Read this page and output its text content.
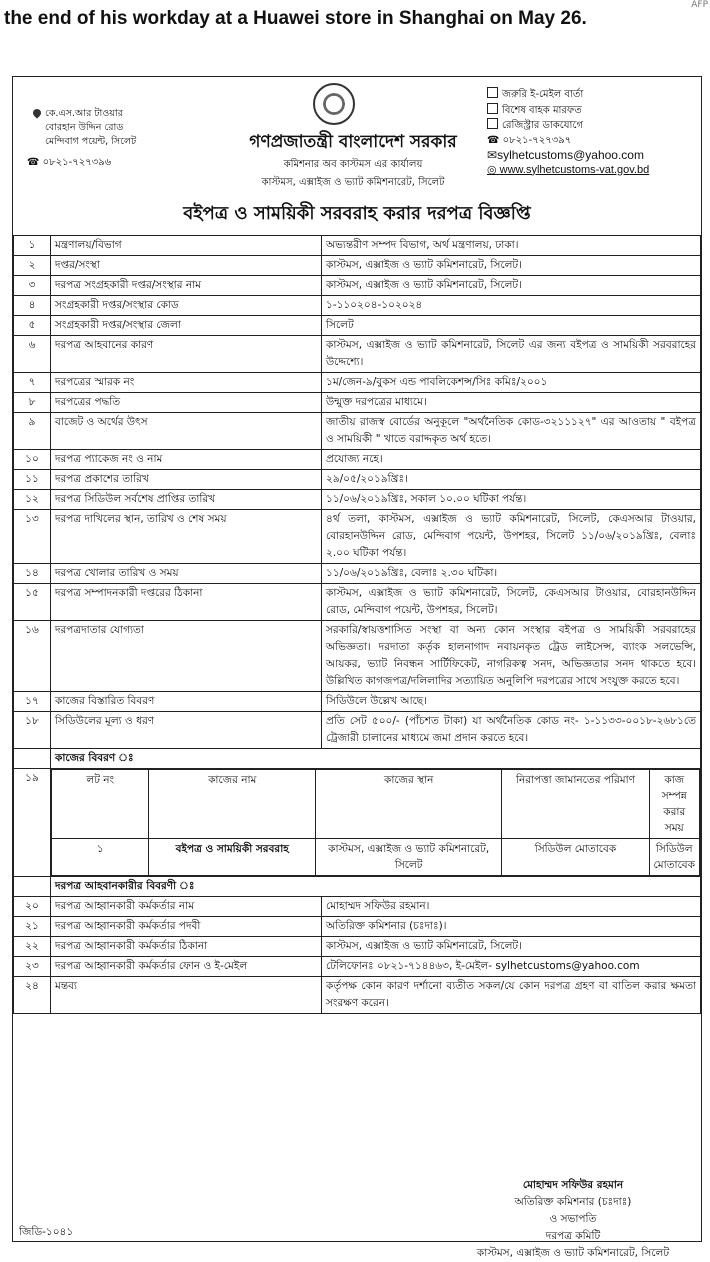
the end of his workday at a Huawei store in Shanghai on May 26.
AFP
কে.এস.আর টাওয়ার
বোরহান উদ্দিন রোড
মেন্দিবাগ পয়েন্ট, সিলেট
☎ ০৮২১-৭২৭৩৯৬
গণপ্রজাতন্ত্রী বাংলাদেশ সরকার
কমিশনার অব কাস্টমস এর কার্যালয়
কাস্টমস, এক্সাইজ ও ভ্যাট কমিশনারেট, সিলেট
জরুরি ই-মেইল বার্তা
বিশেষ বাহক মারফত
রেজিস্ট্রার ডাকযোগে
☎ ০৮২১-৭২৭৩৯৭
✉sylhetcustoms@yahoo.com
◎ www.sylhetcustoms-vat.gov.bd
বইপত্র ও সাময়িকী সরবরাহ করার দরপত্র বিজ্ঞপ্তি
১	মন্ত্রণালয়/বিভাগ	অভ্যন্তরীণ সম্পদ বিভাগ, অর্থ মন্ত্রণালয়, ঢাকা।
২	দপ্তর/সংস্থা	কাস্টমস, এক্সাইজ ও ভ্যাট কমিশনারেট, সিলেট।
৩	দরপত্র সংগ্রহকারী দপ্তর/সংস্থার নাম	কাস্টমস, এক্সাইজ ও ভ্যাট কমিশনারেট, সিলেট।
৪	সংগ্রহকারী দপ্তর/সংস্থার কোড	১-১১০২০৪-১০২০২৪
৫	সংগ্রহকারী দপ্তর/সংস্থার জেলা	সিলেট
৬	দরপত্র আহবানের কারণ	কাস্টমস, এক্সাইজ ও ভ্যাট কমিশনারেট, সিলেট এর জন্য বইপত্র ও সাময়িকী সরবরাহের উদ্দেশ্যে।
৭	দরপত্রের স্মারক নং	১ম/জেন-৯/বুকস এন্ড পাবলিকেশন্স/সিঃ কমিঃ/২০০১
৮	দরপত্রের পদ্ধতি	উন্মুক্ত দরপত্রের মাধ্যমে।
৯	বাজেট ও অর্থের উৎস	জাতীয় রাজস্ব বোর্ডের অনুকূলে "অর্থনৈতিক কোড-৩২১১১২৭" এর আওতায় " বইপত্র ও সাময়িকী " খাতে বরাদ্দকৃত অর্থ হতে।
১০	দরপত্র প্যাকেজ নং ও নাম	প্রযোজ্য নহে।
১১	দরপত্র প্রকাশের তারিখ	২৯/০৫/২০১৯খ্রিঃ।
১২	দরপত্র সিডিউল সর্বশেষ প্রাপ্তির তারিখ	১১/০৬/২০১৯খ্রিঃ, সকাল ১০.০০ ঘটিকা পর্যন্ত।
১৩	দরপত্র দাখিলের স্থান, তারিখ ও শেষ সময়	৪র্থ তলা, কাস্টমস, এক্সাইজ ও ভ্যাট কমিশনারেট, সিলেট, কেএসআর টাওয়ার, বোরহানউদ্দিন রোড, মেন্দিবাগ পয়েন্ট, উপশহর, সিলেট ১১/০৬/২০১৯খ্রিঃ, বেলাঃ ২.০০ ঘটিকা পর্যন্ত।
১৪	দরপত্র খোলার তারিখ ও সময়	১১/০৬/২০১৯খ্রিঃ, বেলাঃ ২.৩০ ঘটিকা।
১৫	দরপত্র সম্পাদনকারী দপ্তরের ঠিকানা	কাস্টমস, এক্সাইজ ও ভ্যাট কমিশনারেট, সিলেট, কেএসআর টাওয়ার, বোরহানউদ্দিন রোড, মেন্দিবাগ পয়েন্ট, উপশহর, সিলেট।
১৬	দরপত্রদাতার যোগ্যতা	সরকারি/স্বায়ত্তশাসিত সংস্থা বা অন্য কোন সংস্থার বইপত্র ও সাময়িকী সরবরাহের অভিজ্ঞতা। দরদাতা কর্তৃক হালনাগাদ নবায়নকৃত ট্রেড লাইসেন্স, ব্যাংক সলভেন্সি, আয়কর, ভ্যাট নিবন্ধন সার্টিফিকেট, নাগরিকত্ব সনদ, অভিজ্ঞতার সনদ থাকতে হবে। উল্লিখিত কাগজপত্র/দলিলাদির সত্যায়িত অনুলিপি দরপত্রের সাথে সংযুক্ত করতে হবে।
১৭	কাজের বিস্তারিত বিবরণ	সিডিউলে উল্লেখ আছে।
১৮	সিডিউলের মূল্য ও ধরণ	প্রতি সেট ৫০০/- (পাঁচশত টাকা) যা অর্থনৈতিক কোড নং- ১-১১৩৩-০০১৮-২৬৮১তে ট্রেজারী চালানের মাধ্যমে জমা প্রদান করতে হবে।
	কাজের বিবরণ ঃ
১৯		লট নং	কাজের নাম	কাজের স্থান	নিরাপত্তা জামানতের পরিমাণ	কাজ সম্পন্ন করার সময়
১	বইপত্র ও সাময়িকী সরবরাহ	কাস্টমস, এক্সাইজ ও ভ্যাট কমিশনারেট, সিলেট	সিডিউল মোতাবেক	সিডিউল মোতাবেক

	দরপত্র আহবানকারীর বিবরণী ঃ
২০	দরপত্র আহ্বানকারী কর্মকর্তার নাম	মোহাম্মদ সফিউর রহমান।
২১	দরপত্র আহ্বানকারী কর্মকর্তার পদবী	অতিরিক্ত কমিশনার (চঃদাঃ)।
২২	দরপত্র আহ্বানকারী কর্মকর্তার ঠিকানা	কাস্টমস, এক্সাইজ ও ভ্যাট কমিশনারেট, সিলেট।
২৩	দরপত্র আহ্বানকারী কর্মকর্তার ফোন ও ই-মেইল	টেলিফোনঃ ০৮২১-৭১৪৪৬৩, ই-মেইল- sylhetcustoms@yahoo.com
২৪	মন্তব্য	কর্তৃপক্ষ কোন কারণ দর্শানো ব্যতীত সকল/যে কোন দরপত্র গ্রহণ বা বাতিল করার ক্ষমতা সংরক্ষণ করেন।
মোহাম্মদ সফিউর রহমান
অতিরিক্ত কমিশনার (চঃদাঃ)
ও সভাপতি
দরপত্র কমিটি
কাস্টমস, এক্সাইজ ও ভ্যাট কমিশনারেট, সিলেট
জিডি-১০৪১
